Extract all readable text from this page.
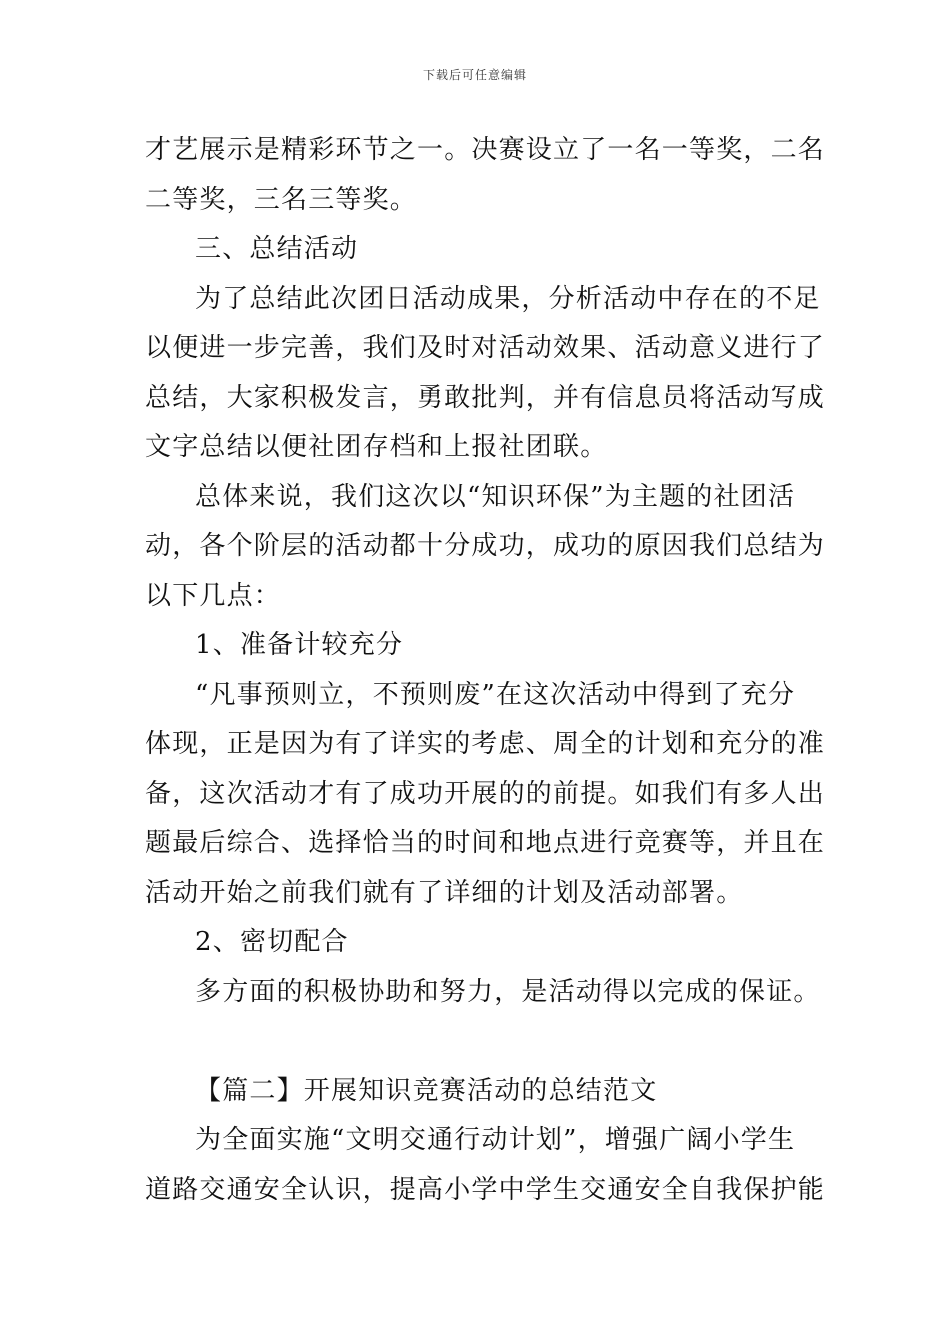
下载后可任意编辑
才艺展示是精彩环节之一。决赛设立了一名一等奖，二名
二等奖，三名三等奖。
三、总结活动
为了总结此次团日活动成果，分析活动中存在的不足
以便进一步完善，我们及时对活动效果、活动意义进行了
总结，大家积极发言，勇敢批判，并有信息员将活动写成
文字总结以便社团存档和上报社团联。
总体来说，我们这次以“知识环保”为主题的社团活
动，各个阶层的活动都十分成功，成功的原因我们总结为
以下几点：
1、准备计较充分
“凡事预则立，不预则废”在这次活动中得到了充分
体现，正是因为有了详实的考虑、周全的计划和充分的准
备，这次活动才有了成功开展的的前提。如我们有多人出
题最后综合、选择恰当的时间和地点进行竞赛等，并且在
活动开始之前我们就有了详细的计划及活动部署。
2、密切配合
多方面的积极协助和努力，是活动得以完成的保证。
【篇二】开展知识竞赛活动的总结范文
为全面实施“文明交通行动计划”，增强广阔小学生
道路交通安全认识，提高小学中学生交通安全自我保护能
